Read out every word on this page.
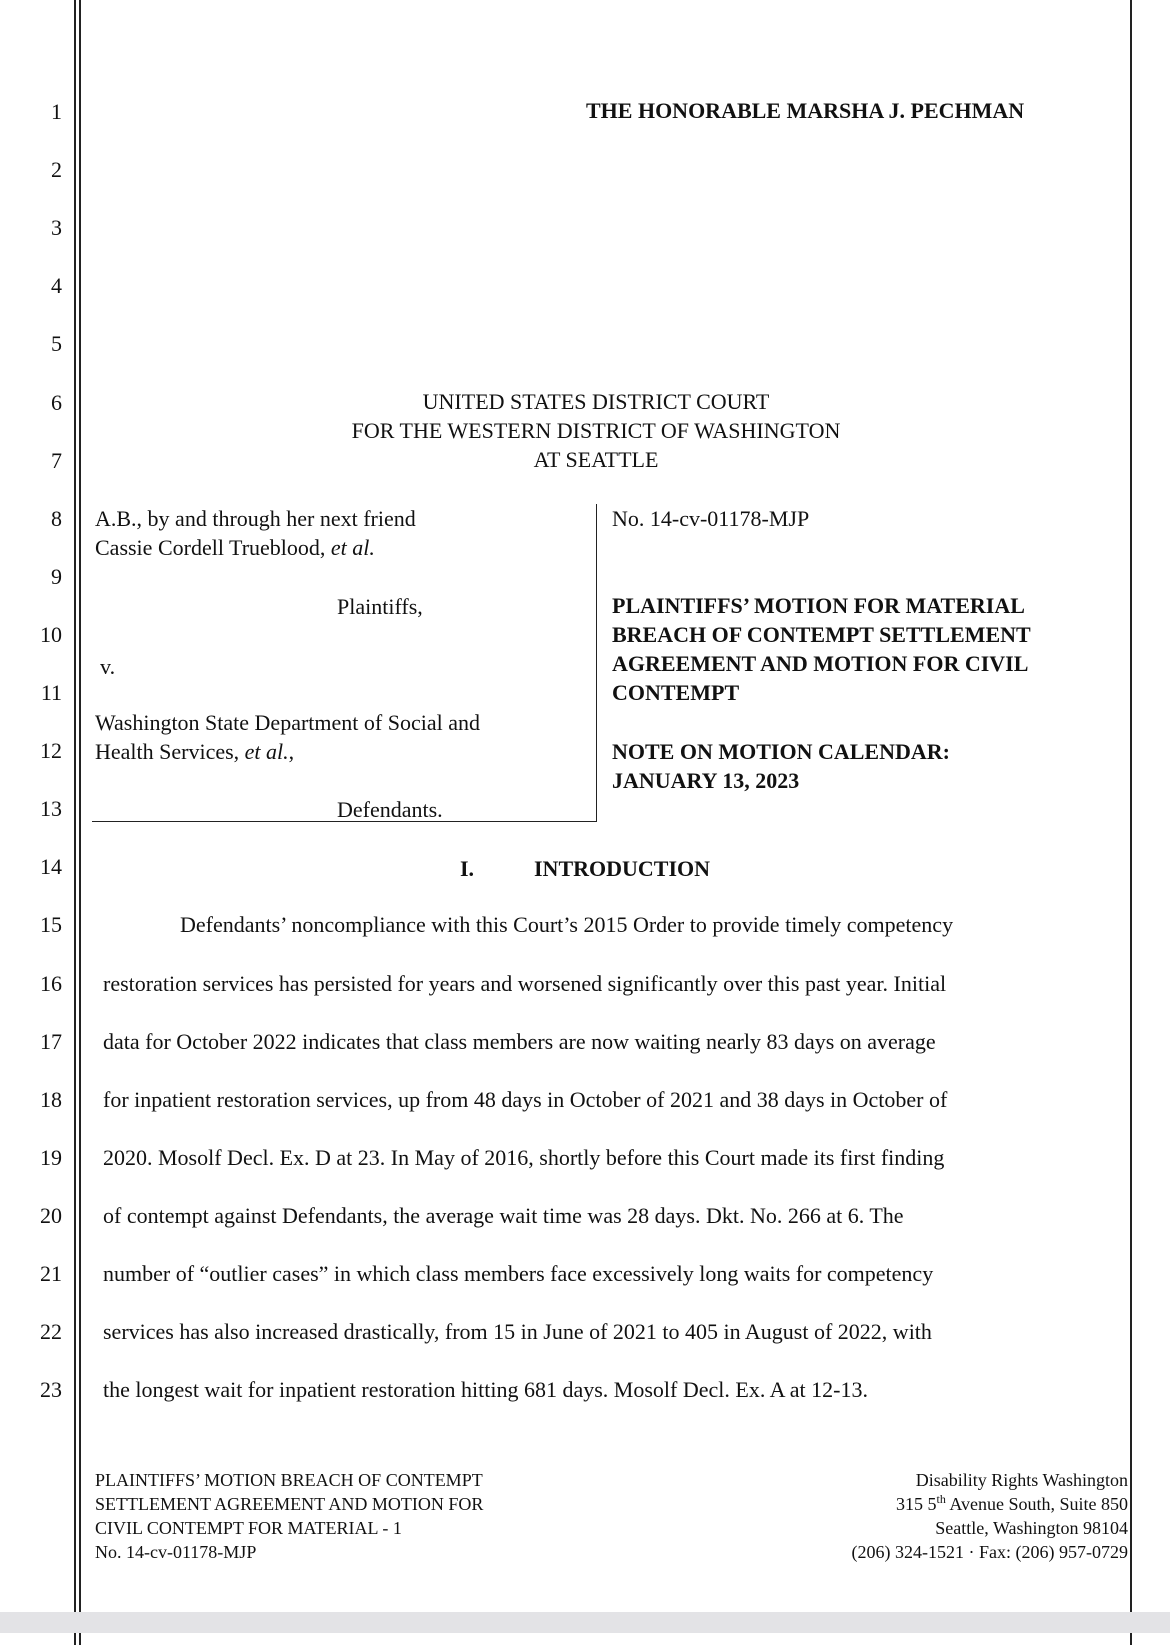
1
2
3
4
5
6
7
8
9
10
11
12
13
14
15
16
17
18
19
20
21
22
23
THE HONORABLE MARSHA J. PECHMAN
UNITED STATES DISTRICT COURT
FOR THE WESTERN DISTRICT OF WASHINGTON
AT SEATTLE
A.B., by and through her next friend
Cassie Cordell Trueblood, et al.
Plaintiffs,
v.
Washington State Department of Social and
Health Services, et al.,
Defendants.
No. 14-cv-01178-MJP
PLAINTIFFS’ MOTION FOR MATERIAL
BREACH OF CONTEMPT SETTLEMENT
AGREEMENT AND MOTION FOR CIVIL
CONTEMPT
NOTE ON MOTION CALENDAR:
JANUARY 13, 2023
I.	INTRODUCTION
Defendants’ noncompliance with this Court’s 2015 Order to provide timely competency
restoration services has persisted for years and worsened significantly over this past year. Initial
data for October 2022 indicates that class members are now waiting nearly 83 days on average
for inpatient restoration services, up from 48 days in October of 2021 and 38 days in October of
2020. Mosolf Decl. Ex. D at 23. In May of 2016, shortly before this Court made its first finding
of contempt against Defendants, the average wait time was 28 days. Dkt. No. 266 at 6. The
number of “outlier cases” in which class members face excessively long waits for competency
services has also increased drastically, from 15 in June of 2021 to 405 in August of 2022, with
the longest wait for inpatient restoration hitting 681 days. Mosolf Decl. Ex. A at 12-13.
PLAINTIFFS’ MOTION BREACH OF CONTEMPT
SETTLEMENT AGREEMENT AND MOTION FOR
CIVIL CONTEMPT FOR MATERIAL - 1
No. 14-cv-01178-MJP
Disability Rights Washington
315 5th Avenue South, Suite 850
Seattle, Washington 98104
(206) 324-1521 · Fax: (206) 957-0729
